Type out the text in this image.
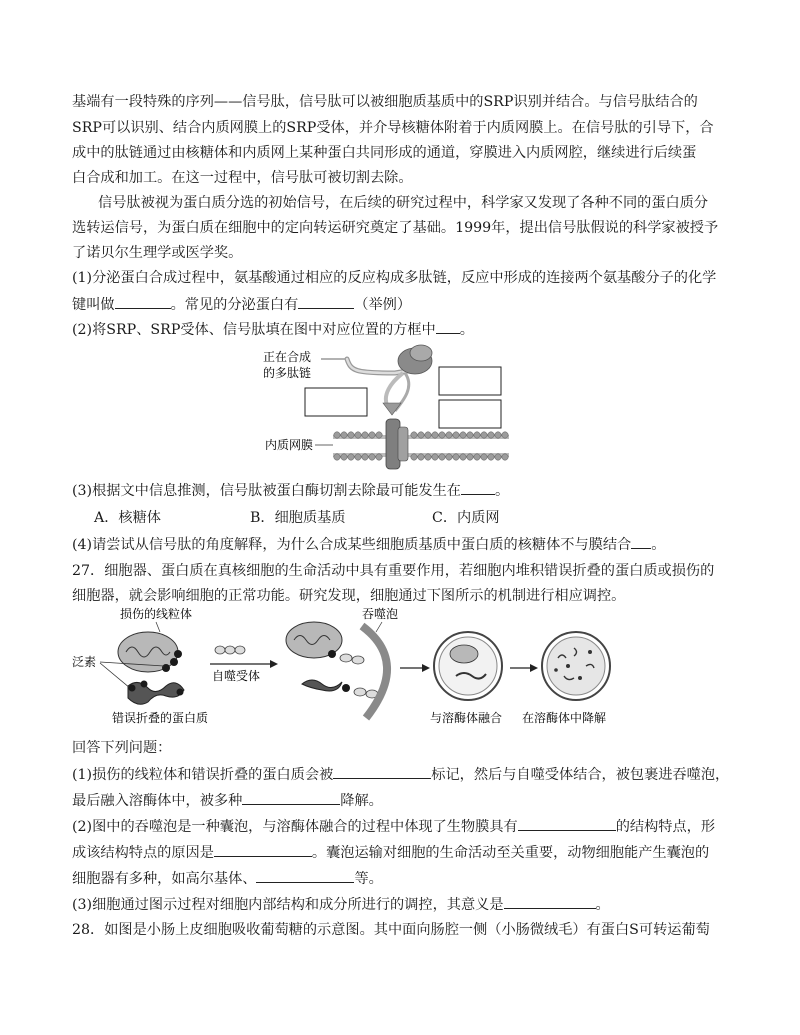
基端有一段特殊的序列——信号肽，信号肽可以被细胞质基质中的SRP识别并结合。与信号肽结合的
SRP可以识别、结合内质网膜上的SRP受体，并介导核糖体附着于内质网膜上。在信号肽的引导下，合
成中的肽链通过由核糖体和内质网上某种蛋白共同形成的通道，穿膜进入内质网腔，继续进行后续蛋
白合成和加工。在这一过程中，信号肽可被切割去除。
信号肽被视为蛋白质分选的初始信号，在后续的研究过程中，科学家又发现了各种不同的蛋白质分
选转运信号，为蛋白质在细胞中的定向转运研究奠定了基础。1999年，提出信号肽假说的科学家被授予
了诺贝尔生理学或医学奖。
(1)分泌蛋白合成过程中，氨基酸通过相应的反应构成多肽链，反应中形成的连接两个氨基酸分子的化学
键叫做	。常见的分泌蛋白有	（举例）
(2)将SRP、SRP受体、信号肽填在图中对应位置的方框中 。
正在合成
的多肽链
内质网膜
(3)根据文中信息推测，信号肽被蛋白酶切割去除最可能发生在 。
A．核糖体	B．细胞质基质	C．内质网
(4)请尝试从信号肽的角度解释，为什么合成某些细胞质基质中蛋白质的核糖体不与膜结合 。
27．细胞器、蛋白质在真核细胞的生命活动中具有重要作用，若细胞内堆积错误折叠的蛋白质或损伤的
细胞器，就会影响细胞的正常功能。研究发现，细胞通过下图所示的机制进行相应调控。
损伤的线粒体
泛素
错误折叠的蛋白质
自噬受体
吞噬泡
与溶酶体融合 在溶酶体中降解
回答下列问题：
(1)损伤的线粒体和错误折叠的蛋白质会被	标记，然后与自噬受体结合，被包裹进吞噬泡，
最后融入溶酶体中，被多种	降解。
(2)图中的吞噬泡是一种囊泡，与溶酶体融合的过程中体现了生物膜具有	的结构特点，形
成该结构特点的原因是	。囊泡运输对细胞的生命活动至关重要，动物细胞能产生囊泡的
细胞器有多种，如高尔基体、	等。
(3)细胞通过图示过程对细胞内部结构和成分所进行的调控，其意义是	。
28．如图是小肠上皮细胞吸收葡萄糖的示意图。其中面向肠腔一侧（小肠微绒毛）有蛋白S可转运葡萄
